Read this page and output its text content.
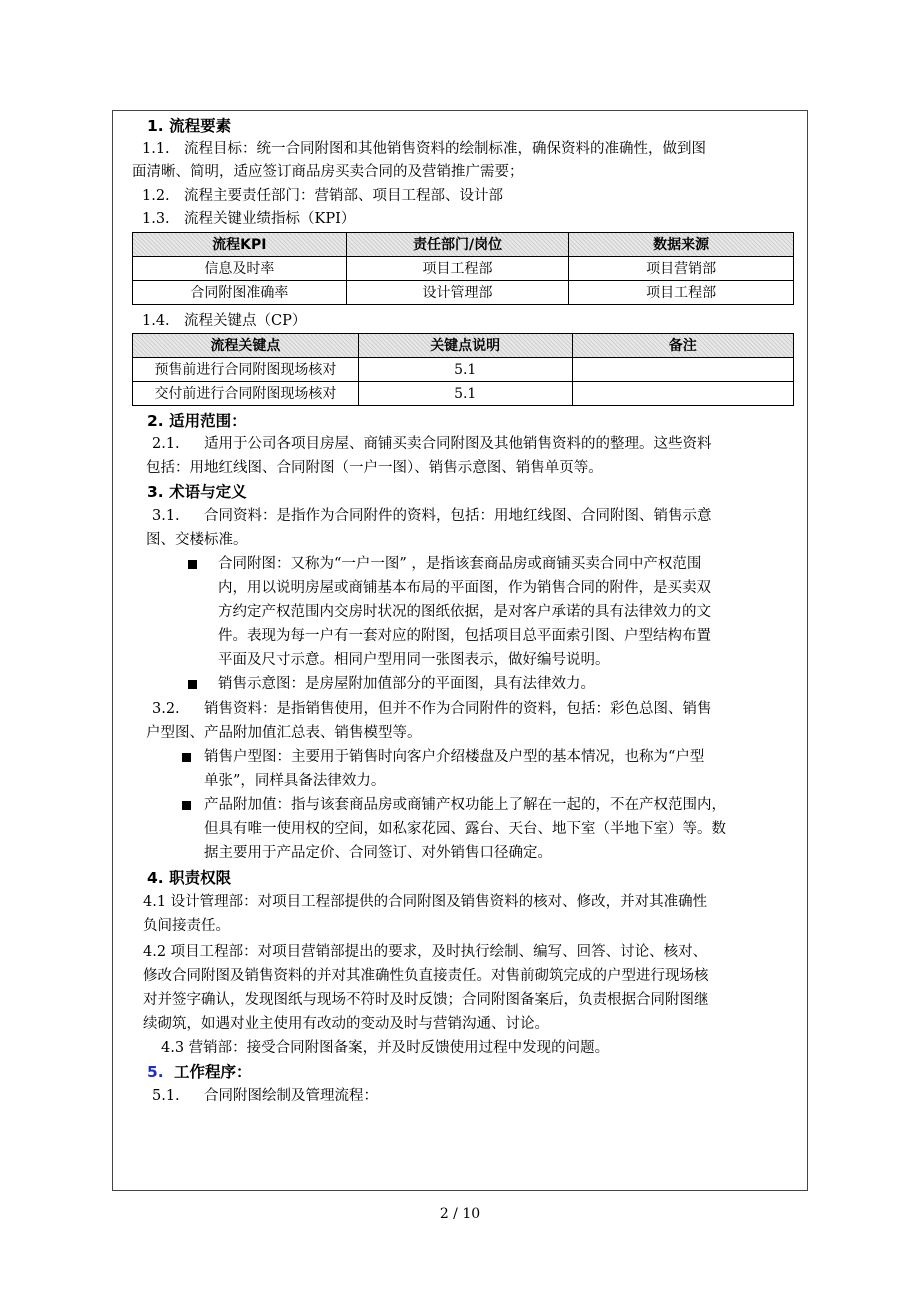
1. 流程要素
1.1. 流程目标：统一合同附图和其他销售资料的绘制标准，确保资料的准确性，做到图
面清晰、简明，适应签订商品房买卖合同的及营销推广需要；
1.2. 流程主要责任部门：营销部、项目工程部、设计部
1.3. 流程关键业绩指标（KPI）
流程KPI	责任部门/岗位	数据来源
信息及时率	项目工程部	项目营销部
合同附图准确率	设计管理部	项目工程部
1.4. 流程关键点（CP）
流程关键点	关键点说明	备注
预售前进行合同附图现场核对	5.1	
交付前进行合同附图现场核对	5.1	
2. 适用范围：
2.1. 适用于公司各项目房屋、商铺买卖合同附图及其他销售资料的的整理。这些资料
包括：用地红线图、合同附图（一户一图）、销售示意图、销售单页等。
3. 术语与定义
3.1. 合同资料：是指作为合同附件的资料，包括：用地红线图、合同附图、销售示意
图、交楼标准。
合同附图：又称为“一户一图” ，是指该套商品房或商铺买卖合同中产权范围
内，用以说明房屋或商铺基本布局的平面图，作为销售合同的附件，是买卖双
方约定产权范围内交房时状况的图纸依据，是对客户承诺的具有法律效力的文
件。表现为每一户有一套对应的附图，包括项目总平面索引图、户型结构布置
平面及尺寸示意。相同户型用同一张图表示，做好编号说明。
销售示意图：是房屋附加值部分的平面图，具有法律效力。
3.2. 销售资料：是指销售使用，但并不作为合同附件的资料，包括：彩色总图、销售
户型图、产品附加值汇总表、销售模型等。
销售户型图：主要用于销售时向客户介绍楼盘及户型的基本情况，也称为“户型
单张”，同样具备法律效力。
产品附加值：指与该套商品房或商铺产权功能上了解在一起的，不在产权范围内，
但具有唯一使用权的空间，如私家花园、露台、天台、地下室（半地下室）等。数
据主要用于产品定价、合同签订、对外销售口径确定。
4. 职责权限
4.1 设计管理部：对项目工程部提供的合同附图及销售资料的核对、修改，并对其准确性
负间接责任。
4.2 项目工程部：对项目营销部提出的要求，及时执行绘制、编写、回答、讨论、核对、
修改合同附图及销售资料的并对其准确性负直接责任。对售前砌筑完成的户型进行现场核
对并签字确认，发现图纸与现场不符时及时反馈；合同附图备案后，负责根据合同附图继
续砌筑，如遇对业主使用有改动的变动及时与营销沟通、讨论。
4.3 营销部：接受合同附图备案，并及时反馈使用过程中发现的问题。
5. 工作程序：
5.1. 合同附图绘制及管理流程：
2 / 10
